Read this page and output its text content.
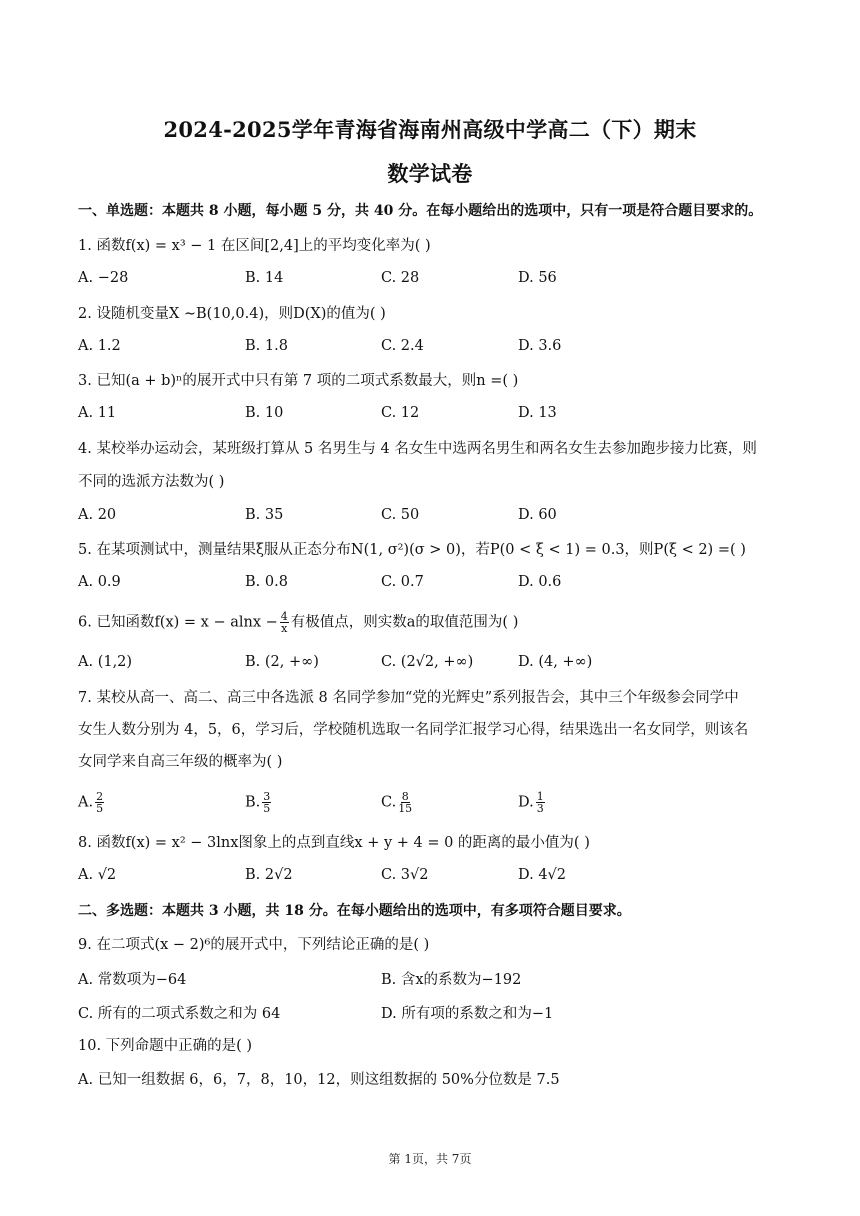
2024-2025学年青海省海南州高级中学高二（下）期末
数学试卷
一、单选题：本题共 8 小题，每小题 5 分，共 40 分。在每小题给出的选项中，只有一项是符合题目要求的。
1. 函数f(x) = x³ − 1 在区间[2,4]上的平均变化率为( )
A. −28	B. 14	C. 28	D. 56
2. 设随机变量X ∼B(10,0.4)，则D(X)的值为( )
A. 1.2	B. 1.8	C. 2.4	D. 3.6
3. 已知(a + b)ⁿ的展开式中只有第 7 项的二项式系数最大，则n =( )
A. 11	B. 10	C. 12	D. 13
4. 某校举办运动会，某班级打算从 5 名男生与 4 名女生中选两名男生和两名女生去参加跑步接力比赛，则
不同的选派方法数为( )
A. 20	B. 35	C. 50	D. 60
5. 在某项测试中，测量结果ξ服从正态分布N(1, σ²)(σ > 0)，若P(0 < ξ < 1) = 0.3，则P(ξ < 2) =( )
A. 0.9	B. 0.8	C. 0.7	D. 0.6
6. 已知函数$f(x) = x - alnx - \frac{4}{x}$ 有极值点，则实数a的取值范围为( )
A. (1,2)	B. (2, +∞)	C. (2√2, +∞)	D. (4, +∞)
7. 某校从高一、高二、高三中各选派 8 名同学参加“党的光辉史”系列报告会，其中三个年级参会同学中
女生人数分别为 4，5，6，学习后，学校随机选取一名同学汇报学习心得，结果选出一名女同学，则该名
女同学来自高三年级的概率为( )
A. $\frac{2}{5}$	B. $\frac{3}{5}$	C. $\frac{8}{15}$	D. $\frac{1}{3}$
8. 函数f(x) = x² − 3lnx图象上的点到直线x + y + 4 = 0 的距离的最小值为( )
A. √2	B. 2√2	C. 3√2	D. 4√2
二、多选题：本题共 3 小题，共 18 分。在每小题给出的选项中，有多项符合题目要求。
9. 在二项式(x − 2)⁶的展开式中，下列结论正确的是( )
A. 常数项为−64	B. 含x的系数为−192
C. 所有的二项式系数之和为 64	D. 所有项的系数之和为−1
10. 下列命题中正确的是( )
A. 已知一组数据 6，6，7，8，10，12，则这组数据的 50%分位数是 7.5
第 1页，共 7页
